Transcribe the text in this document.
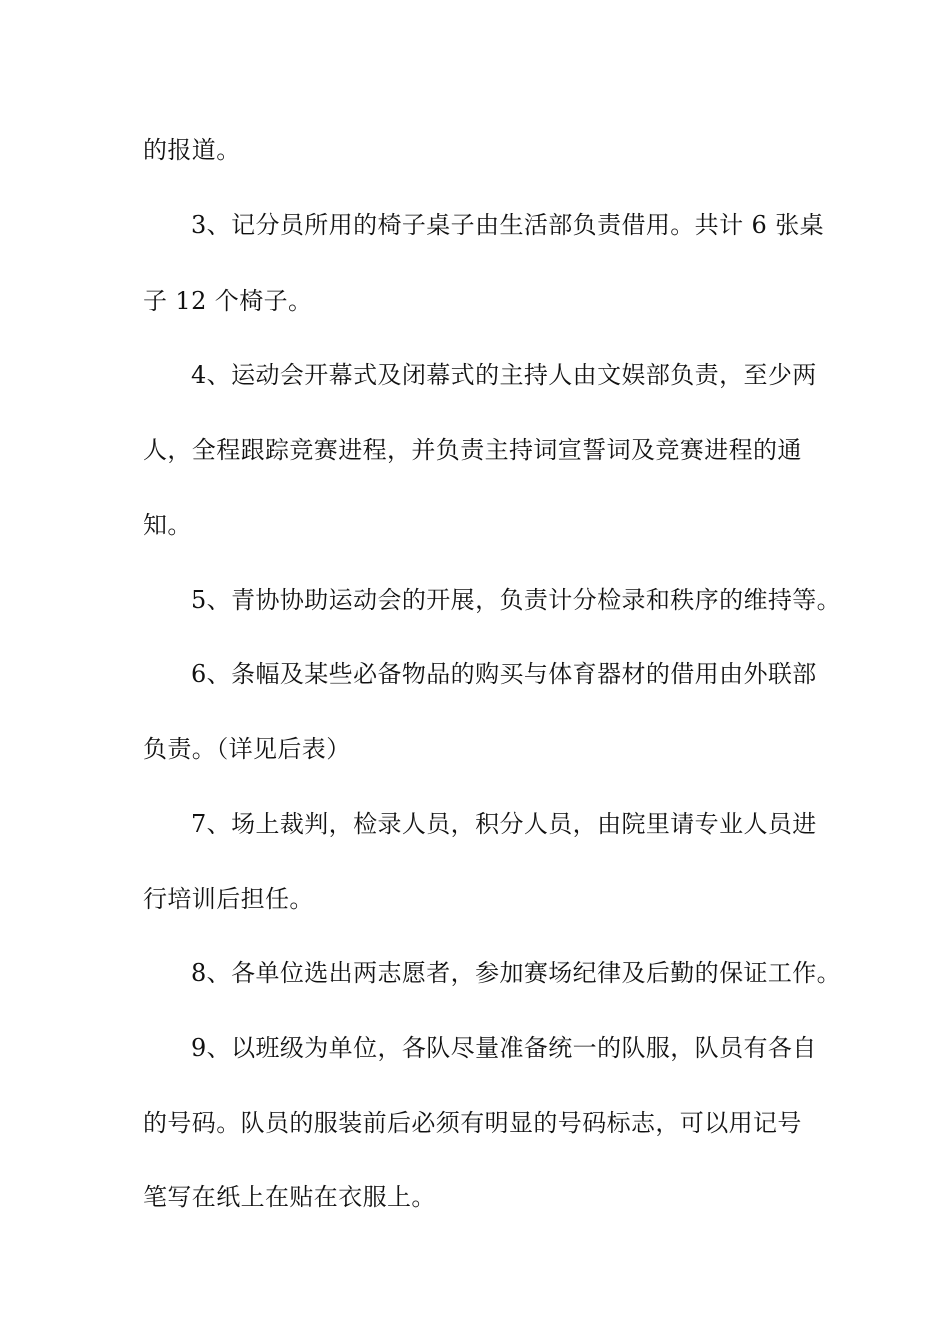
的报道。
3、记分员所用的椅子桌子由生活部负责借用。共计 6 张桌
子 12 个椅子。
4、运动会开幕式及闭幕式的主持人由文娱部负责，至少两
人，全程跟踪竞赛进程，并负责主持词宣誓词及竞赛进程的通
知。
5、青协协助运动会的开展，负责计分检录和秩序的维持等。
6、条幅及某些必备物品的购买与体育器材的借用由外联部
负责。（详见后表）
7、场上裁判，检录人员，积分人员，由院里请专业人员进
行培训后担任。
8、各单位选出两志愿者，参加赛场纪律及后勤的保证工作。
9、以班级为单位，各队尽量准备统一的队服，队员有各自
的号码。队员的服装前后必须有明显的号码标志，可以用记号
笔写在纸上在贴在衣服上。
